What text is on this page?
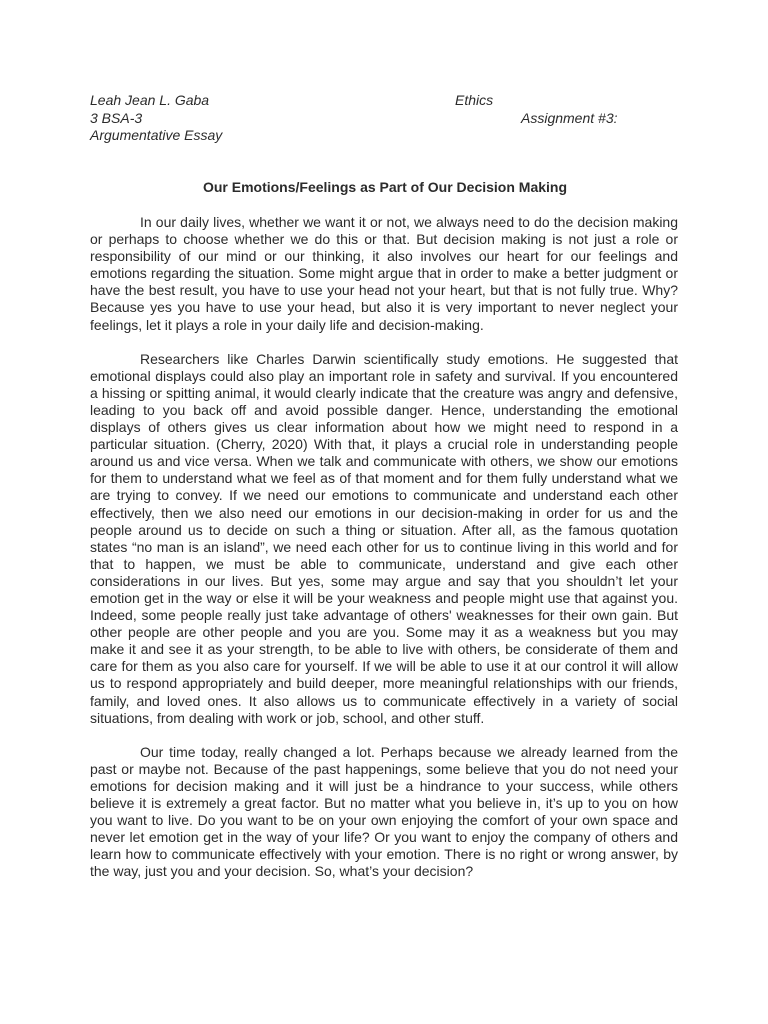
Leah Jean L. Gaba	Ethics
3 BSA-3	Assignment #3:
Argumentative Essay
Our Emotions/Feelings as Part of Our Decision Making

In our daily lives, whether we want it or not, we always need to do the decision making or perhaps to choose whether we do this or that. But decision making is not just a role or responsibility of our mind or our thinking, it also involves our heart for our feelings and emotions regarding the situation. Some might argue that in order to make a better judgment or have the best result, you have to use your head not your heart, but that is not fully true. Why? Because yes you have to use your head, but also it is very important to never neglect your feelings, let it plays a role in your daily life and decision-making.

Researchers like Charles Darwin scientifically study emotions. He suggested that emotional displays could also play an important role in safety and survival. If you encountered a hissing or spitting animal, it would clearly indicate that the creature was angry and defensive, leading to you back off and avoid possible danger. Hence, understanding the emotional displays of others gives us clear information about how we might need to respond in a particular situation. (Cherry, 2020) With that, it plays a crucial role in understanding people around us and vice versa. When we talk and communicate with others, we show our emotions for them to understand what we feel as of that moment and for them fully understand what we are trying to convey. If we need our emotions to communicate and understand each other effectively, then we also need our emotions in our decision-making in order for us and the people around us to decide on such a thing or situation. After all, as the famous quotation states “no man is an island”, we need each other for us to continue living in this world and for that to happen, we must be able to communicate, understand and give each other considerations in our lives. But yes, some may argue and say that you shouldn’t let your emotion get in the way or else it will be your weakness and people might use that against you. Indeed, some people really just take advantage of others' weaknesses for their own gain. But other people are other people and you are you. Some may it as a weakness but you may make it and see it as your strength, to be able to live with others, be considerate of them and care for them as you also care for yourself. If we will be able to use it at our control it will allow us to respond appropriately and build deeper, more meaningful relationships with our friends, family, and loved ones. It also allows us to communicate effectively in a variety of social situations, from dealing with work or job, school, and other stuff.

Our time today, really changed a lot. Perhaps because we already learned from the past or maybe not. Because of the past happenings, some believe that you do not need your emotions for decision making and it will just be a hindrance to your success, while others believe it is extremely a great factor. But no matter what you believe in, it’s up to you on how you want to live. Do you want to be on your own enjoying the comfort of your own space and never let emotion get in the way of your life? Or you want to enjoy the company of others and learn how to communicate effectively with your emotion. There is no right or wrong answer, by the way, just you and your decision. So, what’s your decision?
